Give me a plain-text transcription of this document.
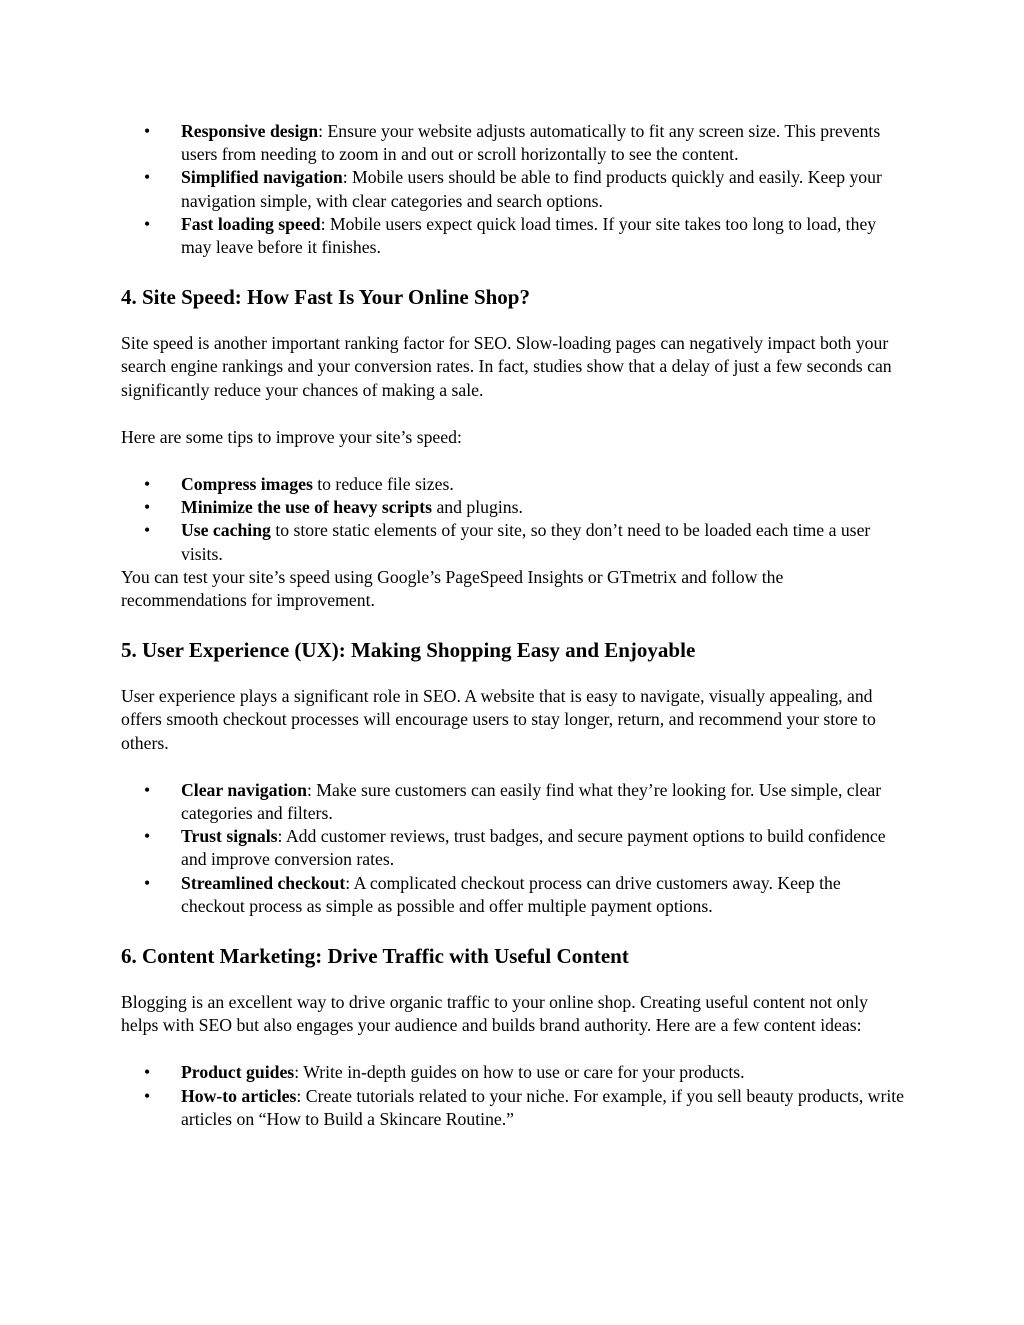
• Responsive design: Ensure your website adjusts automatically to fit any screen size. This prevents users from needing to zoom in and out or scroll horizontally to see the content.
• Simplified navigation: Mobile users should be able to find products quickly and easily. Keep your navigation simple, with clear categories and search options.
• Fast loading speed: Mobile users expect quick load times. If your site takes too long to load, they may leave before it finishes.
4. Site Speed: How Fast Is Your Online Shop?

Site speed is another important ranking factor for SEO. Slow-loading pages can negatively impact both your search engine rankings and your conversion rates. In fact, studies show that a delay of just a few seconds can significantly reduce your chances of making a sale.

Here are some tips to improve your site’s speed:

• Compress images to reduce file sizes.
• Minimize the use of heavy scripts and plugins.
• Use caching to store static elements of your site, so they don’t need to be loaded each time a user visits.

You can test your site’s speed using Google’s PageSpeed Insights or GTmetrix and follow the recommendations for improvement.

5. User Experience (UX): Making Shopping Easy and Enjoyable

User experience plays a significant role in SEO. A website that is easy to navigate, visually appealing, and offers smooth checkout processes will encourage users to stay longer, return, and recommend your store to others.

• Clear navigation: Make sure customers can easily find what they’re looking for. Use simple, clear categories and filters.
• Trust signals: Add customer reviews, trust badges, and secure payment options to build confidence and improve conversion rates.
• Streamlined checkout: A complicated checkout process can drive customers away. Keep the checkout process as simple as possible and offer multiple payment options.
6. Content Marketing: Drive Traffic with Useful Content

Blogging is an excellent way to drive organic traffic to your online shop. Creating useful content not only helps with SEO but also engages your audience and builds brand authority. Here are a few content ideas:

• Product guides: Write in-depth guides on how to use or care for your products.
• How-to articles: Create tutorials related to your niche. For example, if you sell beauty products, write articles on “How to Build a Skincare Routine.”
